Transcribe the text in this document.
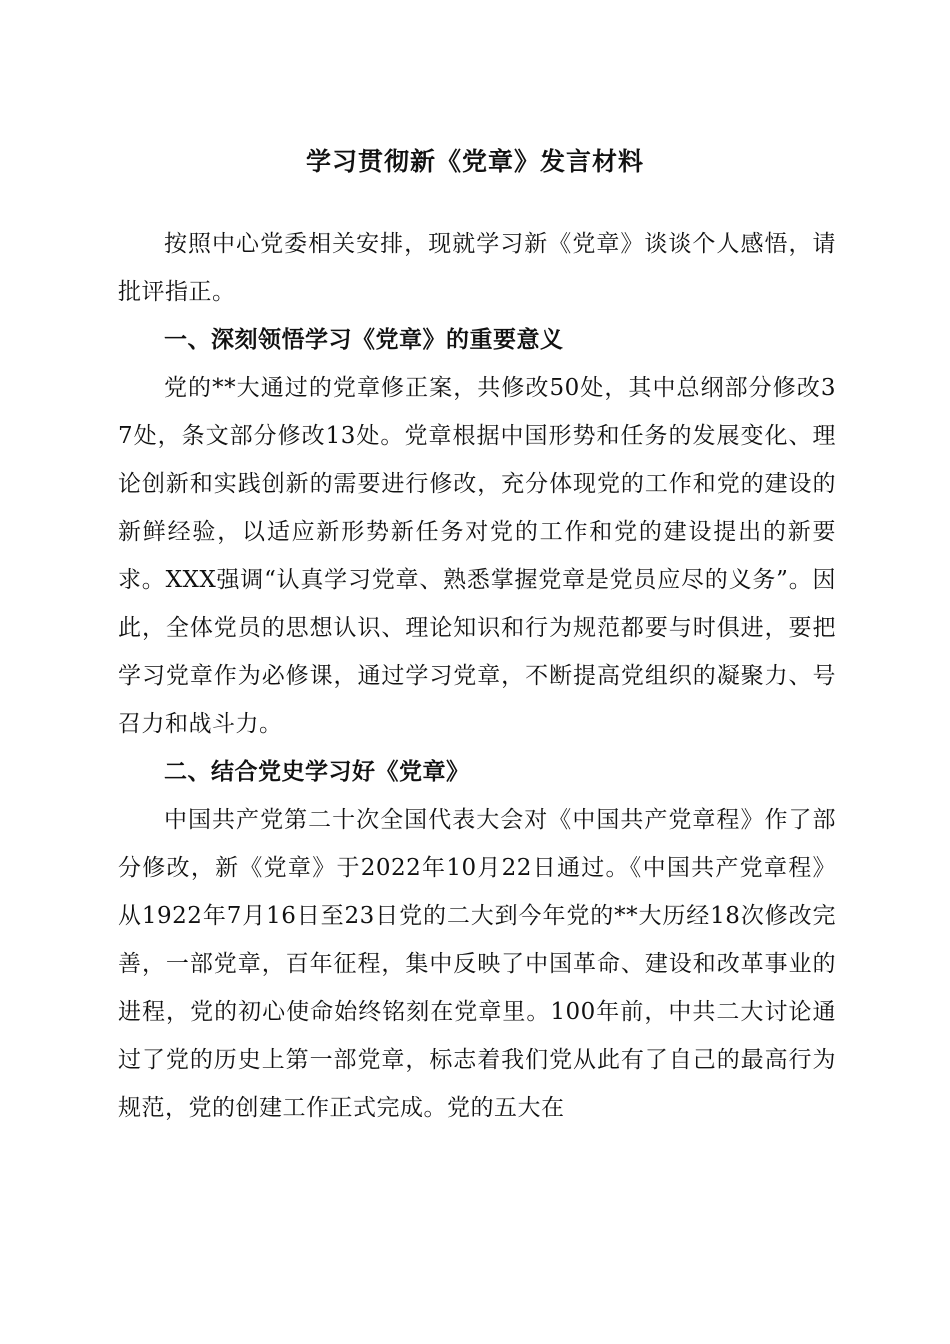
学习贯彻新《党章》发言材料

按照中心党委相关安排，现就学习新《党章》谈谈个人感悟，请批评指正。

一、深刻领悟学习《党章》的重要意义

党的**大通过的党章修正案，共修改50处，其中总纲部分修改37处，条文部分修改13处。党章根据中国形势和任务的发展变化、理论创新和实践创新的需要进行修改，充分体现党的工作和党的建设的新鲜经验，以适应新形势新任务对党的工作和党的建设提出的新要求。XXX强调“认真学习党章、熟悉掌握党章是党员应尽的义务”。因此，全体党员的思想认识、理论知识和行为规范都要与时俱进，要把学习党章作为必修课，通过学习党章，不断提高党组织的凝聚力、号召力和战斗力。

二、结合党史学习好《党章》

中国共产党第二十次全国代表大会对《中国共产党章程》作了部分修改，新《党章》于2022年10月22日通过。《中国共产党章程》从1922年7月16日至23日党的二大到今年党的**大历经18次修改完善，一部党章，百年征程，集中反映了中国革命、建设和改革事业的进程，党的初心使命始终铭刻在党章里。100年前，中共二大讨论通过了党的历史上第一部党章，标志着我们党从此有了自己的最高行为规范，党的创建工作正式完成。党的五大在
